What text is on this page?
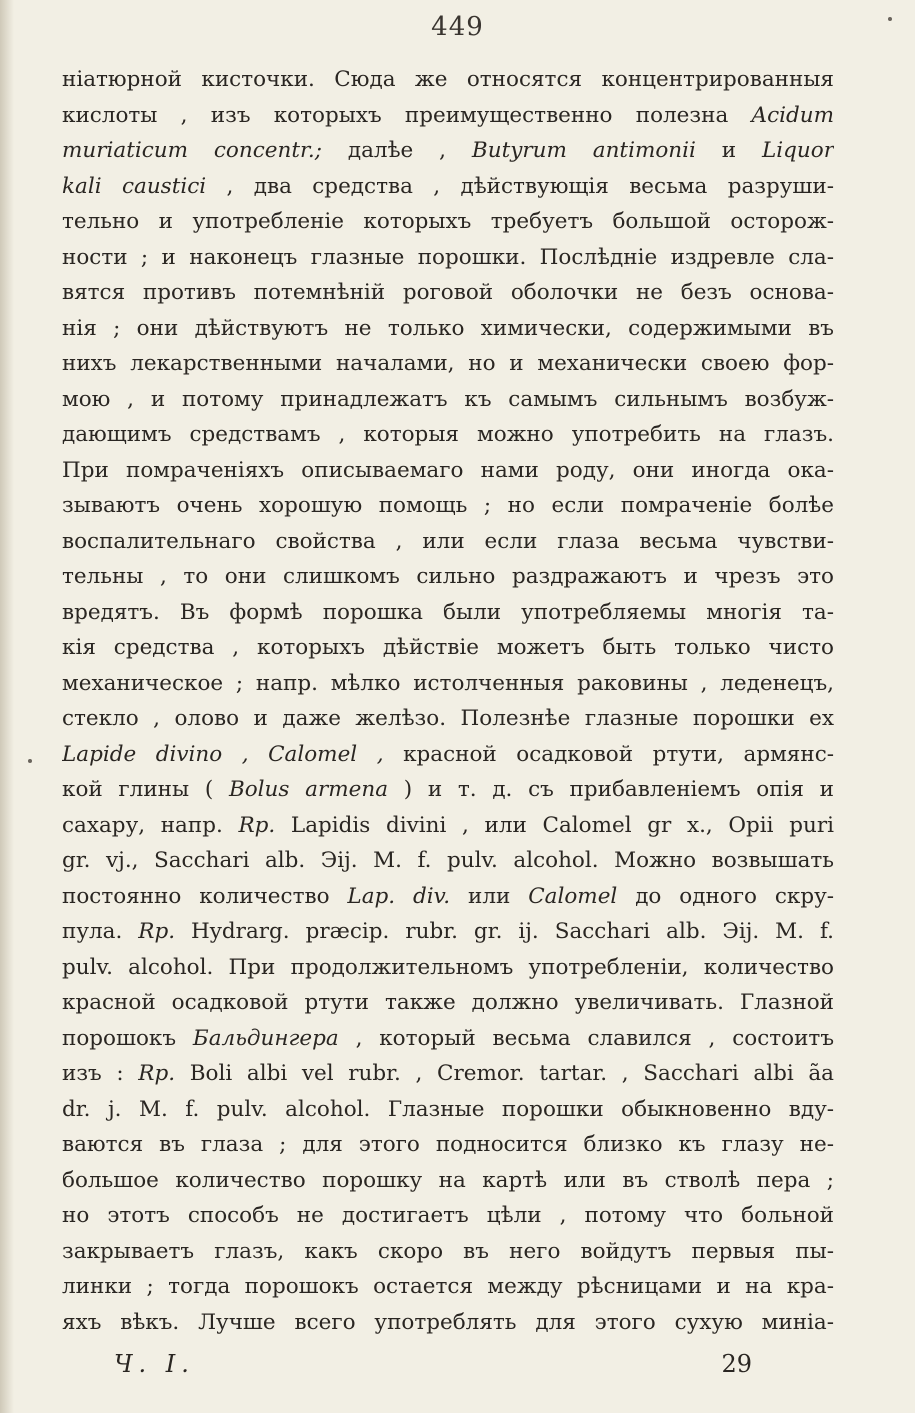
449
ніатюрной кисточки. Сюда же относятся концентрированныя
кислоты , изъ которыхъ преимущественно полезна Acidum
muriaticum concentr.; далѣе , Butyrum antimonii и Liquor
kali caustici , два средства , дѣйствующія весьма разруши-
тельно и употребленіе которыхъ требуетъ большой осторож-
ности ; и наконецъ глазные порошки. Послѣдніе издревле сла-
вятся противъ потемнѣній роговой оболочки не безъ основа-
нія ; они дѣйствуютъ не только химически, содержимыми въ
нихъ лекарственными началами, но и механически своею фор-
мою , и потому принадлежатъ къ самымъ сильнымъ возбуж-
дающимъ средствамъ , которыя можно употребить на глазъ.
При помраченіяхъ описываемаго нами роду, они иногда ока-
зываютъ очень хорошую помощь ; но если помраченіе болѣе
воспалительнаго свойства , или если глаза весьма чувстви-
тельны , то они слишкомъ сильно раздражаютъ и чрезъ это
вредятъ. Въ формѣ порошка были употребляемы многія та-
кія средства , которыхъ дѣйствіе можетъ быть только чисто
механическое ; напр. мѣлко истолченныя раковины , леденецъ,
стекло , олово и даже желѣзо. Полезнѣе глазные порошки ex
Lapide divino , Calomel , красной осадковой ртути, армянс-
кой глины ( Bolus armena ) и т. д. съ прибавленіемъ опія и
сахару, напр. Rp. Lapidis divini , или Calomel gr x., Opii puri
gr. vj., Sacchari alb. Эij. M. f. pulv. alcohol. Можно возвышать
постоянно количество Lap. div. или Calomel до одного скру-
пула. Rp. Hydrarg. præcip. rubr. gr. ij. Sacchari alb. Эij. M. f.
pulv. alcohol. При продолжительномъ употребленіи, количество
красной осадковой ртути также должно увеличивать. Глазной
порошокъ Бальдингера , который весьма славился , состоитъ
изъ : Rp. Boli albi vel rubr. , Cremor. tartar. , Sacchari albi ãa
dr. j. M. f. pulv. alcohol. Глазные порошки обыкновенно вду-
ваются въ глаза ; для этого подносится близко къ глазу не-
большое количество порошку на картѣ или въ стволѣ пера ;
но этотъ способъ не достигаетъ цѣли , потому что больной
закрываетъ глазъ, какъ скоро въ него войдутъ первыя пы-
линки ; тогда порошокъ остается между рѣсницами и на кра-
яхъ вѣкъ. Лучше всего употреблять для этого сухую миніа-
Ч. I.	29
